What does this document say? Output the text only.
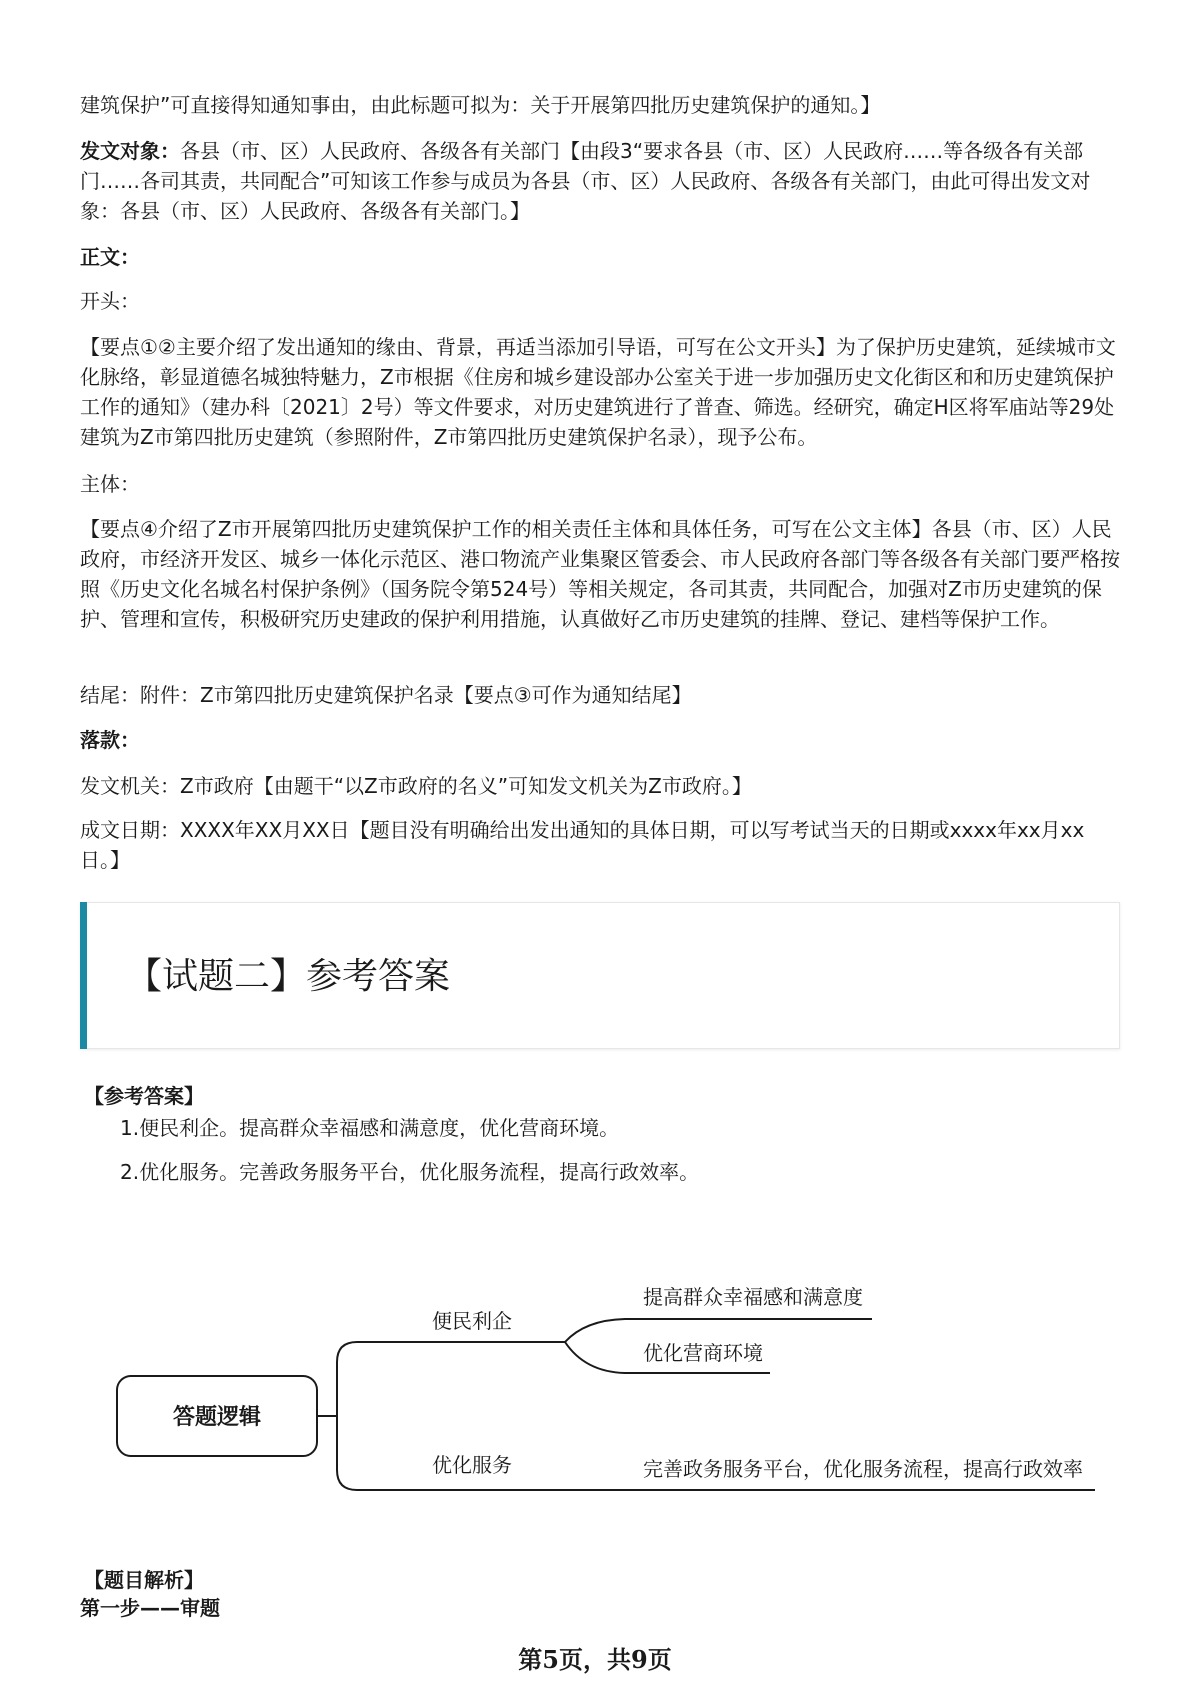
建筑保护”可直接得知通知事由，由此标题可拟为：关于开展第四批历史建筑保护的通知。】

发文对象：各县（市、区）人民政府、各级各有关部门【由段3“要求各县（市、区）人民政府……等各级各有关部门……各司其责，共同配合”可知该工作参与成员为各县（市、区）人民政府、各级各有关部门，由此可得出发文对象：各县（市、区）人民政府、各级各有关部门。】

正文：

开头：

【要点①②主要介绍了发出通知的缘由、背景，再适当添加引导语，可写在公文开头】为了保护历史建筑，延续城市文化脉络，彰显道德名城独特魅力，Z市根据《住房和城乡建设部办公室关于进一步加强历史文化街区和和历史建筑保护工作的通知》（建办科〔2021〕2号）等文件要求，对历史建筑进行了普查、筛选。经研究，确定H区将军庙站等29处建筑为Z市第四批历史建筑（参照附件，Z市第四批历史建筑保护名录），现予公布。

主体：

【要点④介绍了Z市开展第四批历史建筑保护工作的相关责任主体和具体任务，可写在公文主体】各县（市、区）人民政府，市经济开发区、城乡一体化示范区、港口物流产业集聚区管委会、市人民政府各部门等各级各有关部门要严格按照《历史文化名城名村保护条例》（国务院令第524号）等相关规定，各司其责，共同配合，加强对Z市历史建筑的保护、管理和宣传，积极研究历史建政的保护利用措施，认真做好乙市历史建筑的挂牌、登记、建档等保护工作。

结尾：附件：Z市第四批历史建筑保护名录【要点③可作为通知结尾】

落款：

发文机关：Z市政府【由题干“以Z市政府的名义”可知发文机关为Z市政府。】

成文日期：XXXX年XX月XX日【题目没有明确给出发出通知的具体日期，可以写考试当天的日期或xxxx年xx月xx日。】

【试题二】参考答案

【参考答案】

1.便民利企。提高群众幸福感和满意度，优化营商环境。

2.优化服务。完善政务服务平台，优化服务流程，提高行政效率。

答题逻辑
便民利企
优化服务
提高群众幸福感和满意度
优化营商环境
完善政务服务平台，优化服务流程，提高行政效率

【题目解析】

第一步——审题

第5页，共9页
